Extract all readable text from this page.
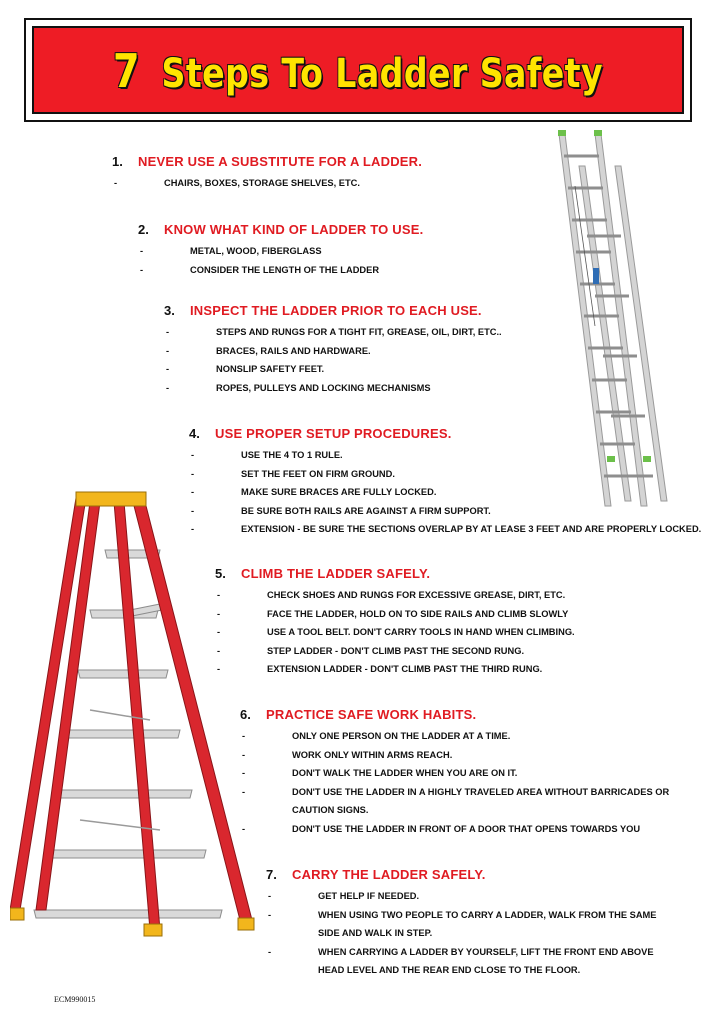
7 Steps To Ladder Safety
1. NEVER USE A SUBSTITUTE FOR A LADDER.
-	CHAIRS, BOXES, STORAGE SHELVES, ETC.
2. KNOW WHAT KIND OF LADDER TO USE.
-	METAL, WOOD, FIBERGLASS
-	CONSIDER THE LENGTH OF THE LADDER
3. INSPECT THE LADDER PRIOR TO EACH USE.
-	STEPS AND RUNGS FOR A TIGHT FIT, GREASE, OIL, DIRT, ETC..
-	BRACES, RAILS AND HARDWARE.
-	NONSLIP SAFETY FEET.
-	ROPES, PULLEYS AND LOCKING MECHANISMS
4. USE PROPER SETUP PROCEDURES.
-	USE THE 4 TO 1 RULE.
-	SET THE FEET ON FIRM GROUND.
-	MAKE SURE BRACES ARE FULLY LOCKED.
-	BE SURE BOTH RAILS ARE AGAINST A FIRM SUPPORT.
-	EXTENSION - BE SURE THE SECTIONS OVERLAP BY AT LEASE 3 FEET AND ARE PROPERLY LOCKED.
5. CLIMB THE LADDER SAFELY.
-	CHECK SHOES AND RUNGS FOR EXCESSIVE GREASE, DIRT, ETC.
-	FACE THE LADDER, HOLD ON TO SIDE RAILS AND CLIMB SLOWLY
-	USE A TOOL BELT. DON'T CARRY TOOLS IN HAND WHEN CLIMBING.
-	STEP LADDER - DON'T CLIMB PAST THE SECOND RUNG.
-	EXTENSION LADDER - DON'T CLIMB PAST THE THIRD RUNG.
6. PRACTICE SAFE WORK HABITS.
-	ONLY ONE PERSON ON THE LADDER AT A TIME.
-	WORK ONLY WITHIN ARMS REACH.
-	DON'T WALK THE LADDER WHEN YOU ARE ON IT.
-	DON'T USE THE LADDER IN A HIGHLY TRAVELED AREA WITHOUT BARRICADES OR
CAUTION SIGNS.
-	DON'T USE THE LADDER IN FRONT OF A DOOR THAT OPENS TOWARDS YOU
7. CARRY THE LADDER SAFELY.
-	GET HELP IF NEEDED.
-	WHEN USING TWO PEOPLE TO CARRY A LADDER, WALK FROM THE SAME
SIDE AND WALK IN STEP.
-	WHEN CARRYING A LADDER BY YOURSELF, LIFT THE FRONT END ABOVE
HEAD LEVEL AND THE REAR END CLOSE TO THE FLOOR.
ECM990015
